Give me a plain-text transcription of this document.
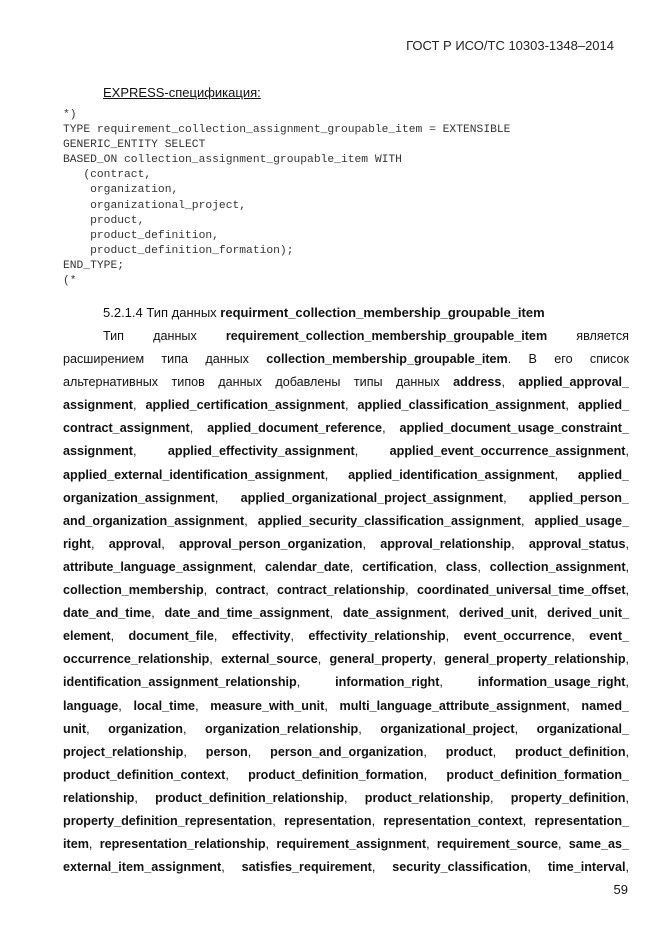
ГОСТ Р ИСО/ТС 10303-1348–2014
EXPRESS-спецификация:
*)
TYPE requirement_collection_assignment_groupable_item = EXTENSIBLE
GENERIC_ENTITY SELECT
BASED_ON collection_assignment_groupable_item WITH
(contract,
organization,
organizational_project,
product,
product_definition,
product_definition_formation);
END_TYPE;
(*
5.2.1.4 Тип данных requirment_collection_membership_groupable_item
Тип данных requirement_collection_membership_groupable_item является
расширением типа данных collection_membership_groupable_item. В его список
альтернативных типов данных добавлены типы данных address, applied_approval_
assignment, applied_certification_assignment, applied_classification_assignment, applied_
contract_assignment, applied_document_reference, applied_document_usage_constraint_
assignment, applied_effectivity_assignment, applied_event_occurrence_assignment,
applied_external_identification_assignment, applied_identification_assignment, applied_
organization_assignment, applied_organizational_project_assignment, applied_person_
and_organization_assignment, applied_security_classification_assignment, applied_usage_
right, approval, approval_person_organization, approval_relationship, approval_status,
attribute_language_assignment, calendar_date, certification, class, collection_assignment,
collection_membership, contract, contract_relationship, coordinated_universal_time_offset,
date_and_time, date_and_time_assignment, date_assignment, derived_unit, derived_unit_
element, document_file, effectivity, effectivity_relationship, event_occurrence, event_
occurrence_relationship, external_source, general_property, general_property_relationship,
identification_assignment_relationship, information_right, information_usage_right,
language, local_time, measure_with_unit, multi_language_attribute_assignment, named_
unit, organization, organization_relationship, organizational_project, organizational_
project_relationship, person, person_and_organization, product, product_definition,
product_definition_context, product_definition_formation, product_definition_formation_
relationship, product_definition_relationship, product_relationship, property_definition,
property_definition_representation, representation, representation_context, representation_
item, representation_relationship, requirement_assignment, requirement_source, same_as_
external_item_assignment, satisfies_requirement, security_classification, time_interval,
59
